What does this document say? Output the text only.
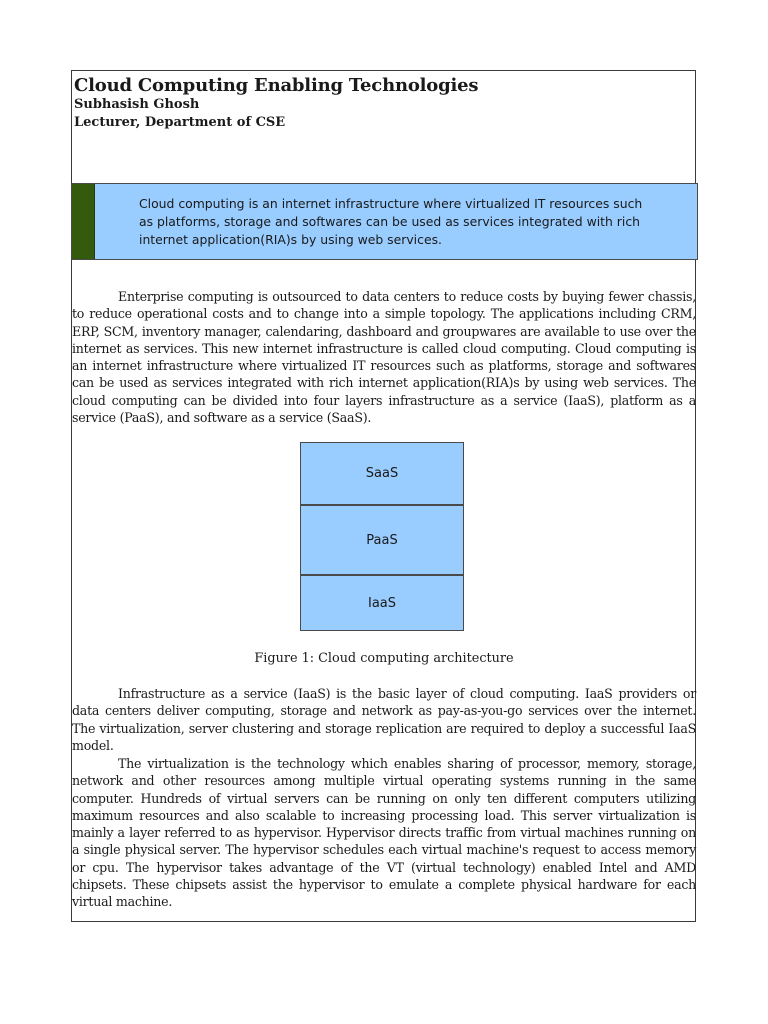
Cloud Computing Enabling Technologies
Subhasish Ghosh
Lecturer, Department of CSE
Cloud computing is an internet infrastructure where virtualized IT resources such as platforms, storage and softwares can be used as services integrated with rich internet application(RIA)s by using web services.

Enterprise computing is outsourced to data centers to reduce costs by buying fewer chassis, to reduce operational costs and to change into a simple topology. The applications including CRM, ERP, SCM, inventory manager, calendaring, dashboard and groupwares are available to use over the internet as services. This new internet infrastructure is called cloud computing. Cloud computing is an internet infrastructure where virtualized IT resources such as platforms, storage and softwares can be used as services integrated with rich internet application(RIA)s by using web services. The cloud computing can be divided into four layers infrastructure as a service (IaaS), platform as a service (PaaS), and software as a service (SaaS).

SaaS
PaaS
IaaS
Figure 1: Cloud computing architecture

Infrastructure as a service (IaaS) is the basic layer of cloud computing. IaaS providers or data centers deliver computing, storage and network as pay-as-you-go services over the internet. The virtualization, server clustering and storage replication are required to deploy a successful IaaS model.

The virtualization is the technology which enables sharing of processor, memory, storage, network and other resources among multiple virtual operating systems running in the same computer. Hundreds of virtual servers can be running on only ten different computers utilizing maximum resources and also scalable to increasing processing load. This server virtualization is mainly a layer referred to as hypervisor. Hypervisor directs traffic from virtual machines running on a single physical server. The hypervisor schedules each virtual machine's request to access memory or cpu. The hypervisor takes advantage of the VT (virtual technology) enabled Intel and AMD chipsets. These chipsets assist the hypervisor to emulate a complete physical hardware for each virtual machine.
